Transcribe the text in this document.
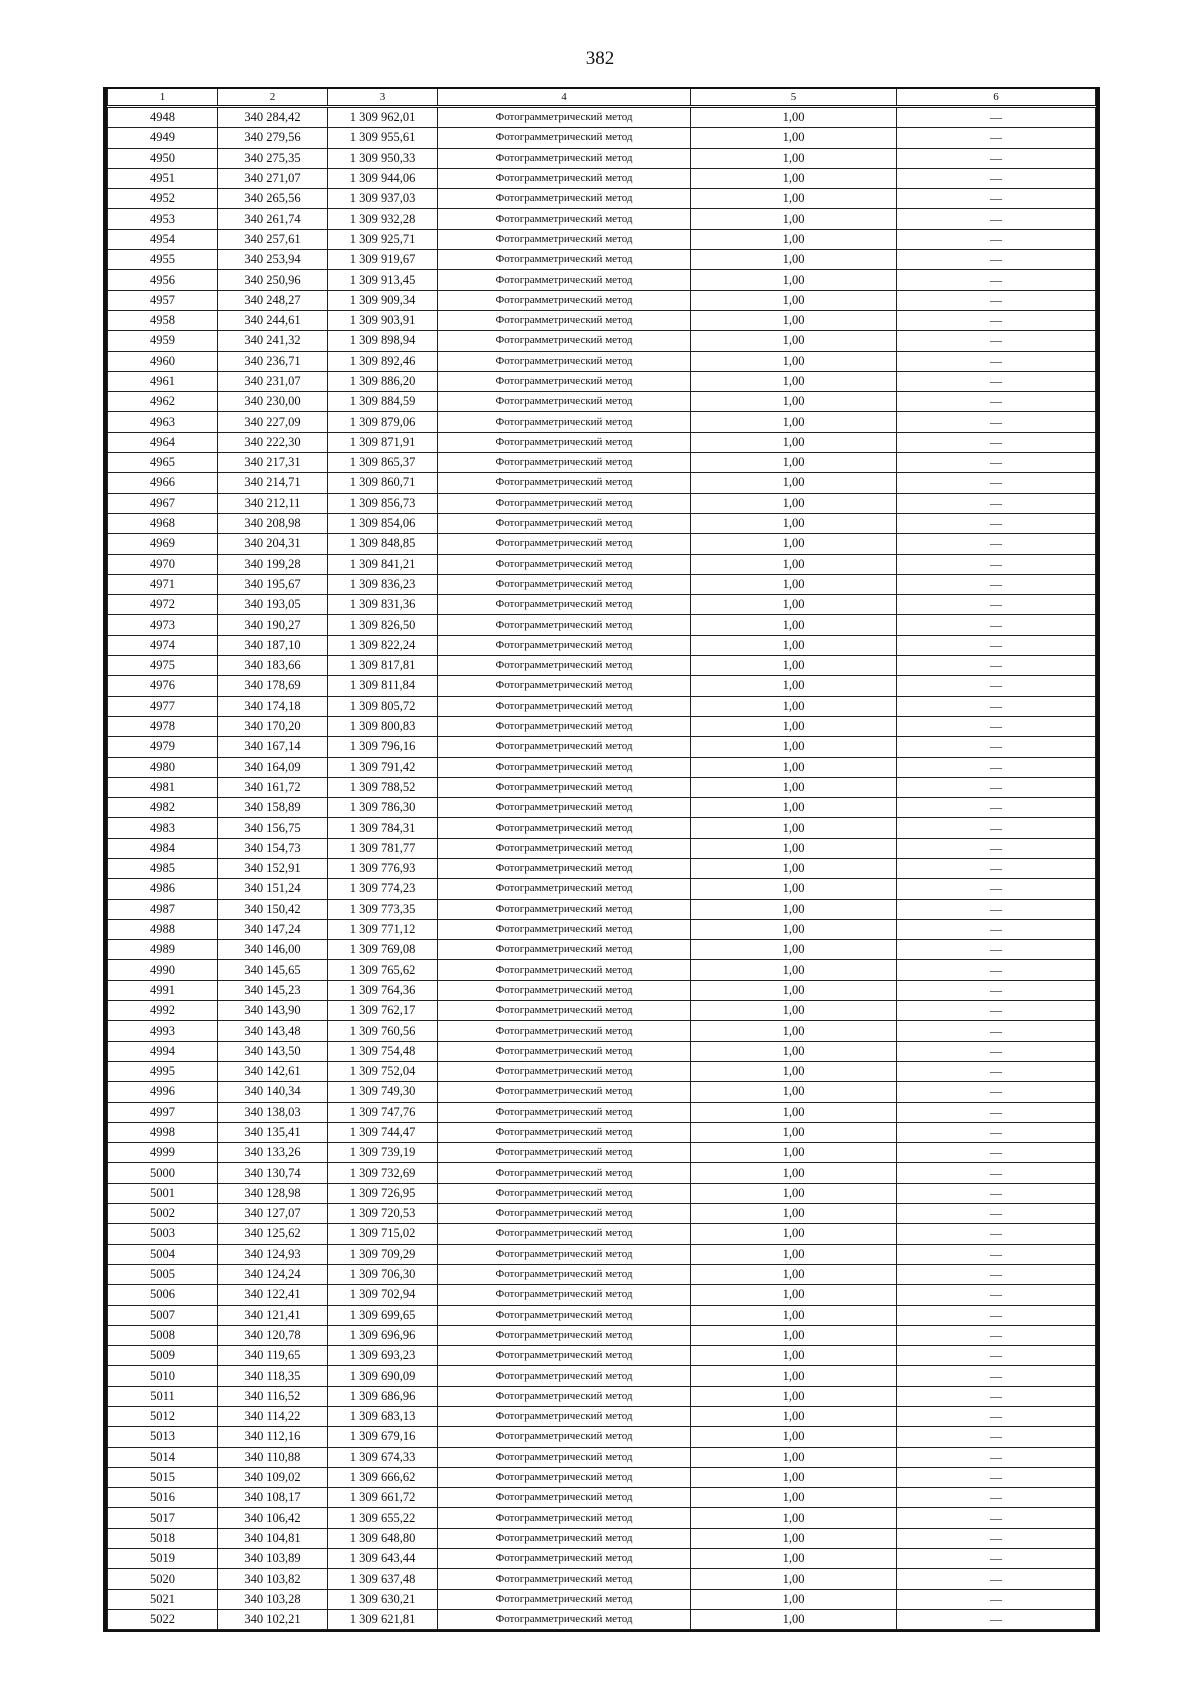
382
1	2	3	4	5	6
4948	340 284,42	1 309 962,01	Фотограмметрический метод	1,00	—
4949	340 279,56	1 309 955,61	Фотограмметрический метод	1,00	—
4950	340 275,35	1 309 950,33	Фотограмметрический метод	1,00	—
4951	340 271,07	1 309 944,06	Фотограмметрический метод	1,00	—
4952	340 265,56	1 309 937,03	Фотограмметрический метод	1,00	—
4953	340 261,74	1 309 932,28	Фотограмметрический метод	1,00	—
4954	340 257,61	1 309 925,71	Фотограмметрический метод	1,00	—
4955	340 253,94	1 309 919,67	Фотограмметрический метод	1,00	—
4956	340 250,96	1 309 913,45	Фотограмметрический метод	1,00	—
4957	340 248,27	1 309 909,34	Фотограмметрический метод	1,00	—
4958	340 244,61	1 309 903,91	Фотограмметрический метод	1,00	—
4959	340 241,32	1 309 898,94	Фотограмметрический метод	1,00	—
4960	340 236,71	1 309 892,46	Фотограмметрический метод	1,00	—
4961	340 231,07	1 309 886,20	Фотограмметрический метод	1,00	—
4962	340 230,00	1 309 884,59	Фотограмметрический метод	1,00	—
4963	340 227,09	1 309 879,06	Фотограмметрический метод	1,00	—
4964	340 222,30	1 309 871,91	Фотограмметрический метод	1,00	—
4965	340 217,31	1 309 865,37	Фотограмметрический метод	1,00	—
4966	340 214,71	1 309 860,71	Фотограмметрический метод	1,00	—
4967	340 212,11	1 309 856,73	Фотограмметрический метод	1,00	—
4968	340 208,98	1 309 854,06	Фотограмметрический метод	1,00	—
4969	340 204,31	1 309 848,85	Фотограмметрический метод	1,00	—
4970	340 199,28	1 309 841,21	Фотограмметрический метод	1,00	—
4971	340 195,67	1 309 836,23	Фотограмметрический метод	1,00	—
4972	340 193,05	1 309 831,36	Фотограмметрический метод	1,00	—
4973	340 190,27	1 309 826,50	Фотограмметрический метод	1,00	—
4974	340 187,10	1 309 822,24	Фотограмметрический метод	1,00	—
4975	340 183,66	1 309 817,81	Фотограмметрический метод	1,00	—
4976	340 178,69	1 309 811,84	Фотограмметрический метод	1,00	—
4977	340 174,18	1 309 805,72	Фотограмметрический метод	1,00	—
4978	340 170,20	1 309 800,83	Фотограмметрический метод	1,00	—
4979	340 167,14	1 309 796,16	Фотограмметрический метод	1,00	—
4980	340 164,09	1 309 791,42	Фотограмметрический метод	1,00	—
4981	340 161,72	1 309 788,52	Фотограмметрический метод	1,00	—
4982	340 158,89	1 309 786,30	Фотограмметрический метод	1,00	—
4983	340 156,75	1 309 784,31	Фотограмметрический метод	1,00	—
4984	340 154,73	1 309 781,77	Фотограмметрический метод	1,00	—
4985	340 152,91	1 309 776,93	Фотограмметрический метод	1,00	—
4986	340 151,24	1 309 774,23	Фотограмметрический метод	1,00	—
4987	340 150,42	1 309 773,35	Фотограмметрический метод	1,00	—
4988	340 147,24	1 309 771,12	Фотограмметрический метод	1,00	—
4989	340 146,00	1 309 769,08	Фотограмметрический метод	1,00	—
4990	340 145,65	1 309 765,62	Фотограмметрический метод	1,00	—
4991	340 145,23	1 309 764,36	Фотограмметрический метод	1,00	—
4992	340 143,90	1 309 762,17	Фотограмметрический метод	1,00	—
4993	340 143,48	1 309 760,56	Фотограмметрический метод	1,00	—
4994	340 143,50	1 309 754,48	Фотограмметрический метод	1,00	—
4995	340 142,61	1 309 752,04	Фотограмметрический метод	1,00	—
4996	340 140,34	1 309 749,30	Фотограмметрический метод	1,00	—
4997	340 138,03	1 309 747,76	Фотограмметрический метод	1,00	—
4998	340 135,41	1 309 744,47	Фотограмметрический метод	1,00	—
4999	340 133,26	1 309 739,19	Фотограмметрический метод	1,00	—
5000	340 130,74	1 309 732,69	Фотограмметрический метод	1,00	—
5001	340 128,98	1 309 726,95	Фотограмметрический метод	1,00	—
5002	340 127,07	1 309 720,53	Фотограмметрический метод	1,00	—
5003	340 125,62	1 309 715,02	Фотограмметрический метод	1,00	—
5004	340 124,93	1 309 709,29	Фотограмметрический метод	1,00	—
5005	340 124,24	1 309 706,30	Фотограмметрический метод	1,00	—
5006	340 122,41	1 309 702,94	Фотограмметрический метод	1,00	—
5007	340 121,41	1 309 699,65	Фотограмметрический метод	1,00	—
5008	340 120,78	1 309 696,96	Фотограмметрический метод	1,00	—
5009	340 119,65	1 309 693,23	Фотограмметрический метод	1,00	—
5010	340 118,35	1 309 690,09	Фотограмметрический метод	1,00	—
5011	340 116,52	1 309 686,96	Фотограмметрический метод	1,00	—
5012	340 114,22	1 309 683,13	Фотограмметрический метод	1,00	—
5013	340 112,16	1 309 679,16	Фотограмметрический метод	1,00	—
5014	340 110,88	1 309 674,33	Фотограмметрический метод	1,00	—
5015	340 109,02	1 309 666,62	Фотограмметрический метод	1,00	—
5016	340 108,17	1 309 661,72	Фотограмметрический метод	1,00	—
5017	340 106,42	1 309 655,22	Фотограмметрический метод	1,00	—
5018	340 104,81	1 309 648,80	Фотограмметрический метод	1,00	—
5019	340 103,89	1 309 643,44	Фотограмметрический метод	1,00	—
5020	340 103,82	1 309 637,48	Фотограмметрический метод	1,00	—
5021	340 103,28	1 309 630,21	Фотограмметрический метод	1,00	—
5022	340 102,21	1 309 621,81	Фотограмметрический метод	1,00	—
